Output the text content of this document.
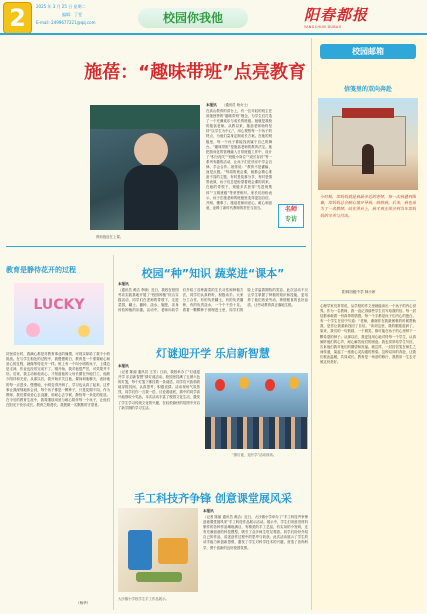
2	2025 年 3 月 25 日 星期二
编辑：丁雯
E-mail: 2499677221@qq.com	校园你我他	阳春都报
YANGCHUN DUBAO
施蓓：“趣味带班”点亮教育
教师施蓓在上课。
本报讯 （通讯员 杨女士）
在高山教育的讲台上，有一位年轻的班主任用她独特的“趣味带班”理念，为学生们打造了一个充满欢乐与成长的班级。她就是我校的施蓓老师。从教以来，施蓓老师始终坚持“以学生为中心”，用心观察每一个孩子的特点，为他们量身定制成长方案。在她的班级里，每一个孩子都能找到属于自己的舞台。“趣味带班”是施蓓老师的教育法宝。她把游戏化的管理融入日常班级工作中，设计了“积分闯关”“班级小岗位”“成长存折”等一系列有趣的活动，让孩子们在快乐中学会自律、学会合作。她常说：“教育不是灌输，而是点燃。”每周的班会课，她都会精心准备不同的主题，有时是故事分享，有时是情景表演，孩子们总是盼望着班会课的到来。在她的带领下，班级多次获得“先进班集体”“文明班级”等荣誉称号。家长们纷纷表示，孩子在施老师的班级里变得更加自信、开朗、懂事了。施蓓老师用爱心、耐心和创意，诠释了新时代教师的责任与担当。	名师
专访
教育是静待花开的过程
LUCKY
初登讲台时，我满心都是对教育事业的憧憬，可现实却给了我不小的挑战。在与学生相处的过程中，我慢慢明白，教育是一个需要耐心和爱心的过程，就像等待花开一样。班上有一个叫小明的孩子，上课总是走神，作业也经常完成不了。刚开始，我对他很严厉，可效果并不好。后来，我主动和他谈心，才知道他的父母长期在外地打工，他缺少陪伴和关爱。从那以后，我开始多关注他，课间和他聊天，表扬他的每一点进步。慢慢地，小明变得开朗了，学习也认真了起来。这件事让我深刻地体会到，每个孩子都是一颗种子，只是花期不同。作为教师，我们要用爱心去浇灌，用耐心去守候，静待每一朵花的绽放。在今后的教育生涯中，我将继续用爱与耐心陪伴每一个孩子，让他们在阳光下快乐成长。教育之路漫长，我愿做一名默默的守望者。
（杨华）
校园“种”知识 蔬菜进“课本”
本报讯
（通讯员 黄洁 李晓）近日，我校在校园劳动实践基地开展了“校园种植”综合实践活动，同学们在老师的带领下，走进菜园，翻土、播种、浇水、施肥，亲身体验种植的乐趣。活动中，老师向同学们介绍了各种蔬菜的生长习性和种植方法，同学们认真聆听，积极动手。大家分工合作，有的负责翻土，有的负责播种，有的负责浇水，一个个干劲十足。看着一颗颗种子被埋进土里，同学们的脸上洋溢着期待的笑容。此次活动不仅让学生掌握了种植的知识和技能，更培养了他们热爱劳动、珍惜粮食的良好品质，让劳动教育真正落地生根。
灯谜迎开学 乐启新智慧
本报讯
（记者 陈丽 通讯员 王芳）日前，我校举办了“灯谜迎开学 乐启新智慧”猜灯谜活动。校园里挂满了五颜六色的灯笼，每个灯笼下都挂着一条谜语，同学们兴致勃勃地穿梭其间，认真思考，积极竞猜。活动现场气氛热烈，同学们你一言我一语，讨论着谜底，猜中的同学高兴地领取小奖品。本次活动丰富了校园文化生活，激发了学生学习传统文化的兴趣，在轻松愉快的氛围中开启了新学期的学习生活。
“猜灯谜，迎开学”活动现场。
手工科技齐争锋 创意课堂展风采
大沙镇小学校学生手工作品展示。
本报讯
（记者 陈丽 通讯员 黄洁）近日，大沙镇小学举办了“手工科技齐争锋 创意课堂展风采”手工科技作品展示活动。展示中，学生们用废旧材料制作的各种作品琳琅满目，有精美的手工艺品，有实用的小发明，还有充满创意的科技模型，吸引了众多师生驻足观看。同学们纷纷介绍自己的作品，讲述创作过程中的思考与收获。此次活动展示了学生的动手能力和创新思维，激发了学生对科学技术的兴趣，营造了崇尚科学、勇于创新的良好校园氛围。
校园邮箱
信笺里的双向奔赴
小时候，常妈妈就是我最亲近的老师，每一次我遇到困难，常妈妈总会耐心地开导我，鼓励我。后来，我也成为了一名教师，站在讲台上，我才真正体会到当年常妈妈的辛苦与付出。
阳林初级中学 林小妍
心理学家们常常说，从学校的作文里就能读出一个孩子的内心世界。作为一名教师，我一直记得那些学生们写给我的信。每一封信都承载着一份真挚的情感，每一个字都是孩子们内心的独白。有一个学生在信中写道：“老师，谢谢你在我最困难的时候帮助我，是你让我重新找回了自信。”读到这里，我的眼眶湿润了。原来，我们的一句鼓励、一个微笑，都可能在孩子的心里种下一颗希望的种子。从那以后，我更加用心地对待每一个学生，认真倾听他们的心声，耐心解答他们的困惑。我也常常给学生写信，告诉他们我对他们的期望和祝福。就这样，一封封信笺在师生之间传递，架起了一座座心灵沟通的桥梁。这种双向的奔赴，让我们彼此温暖，共同成长。教育是一场爱的修行，我愿用一生去守候这份美好。
